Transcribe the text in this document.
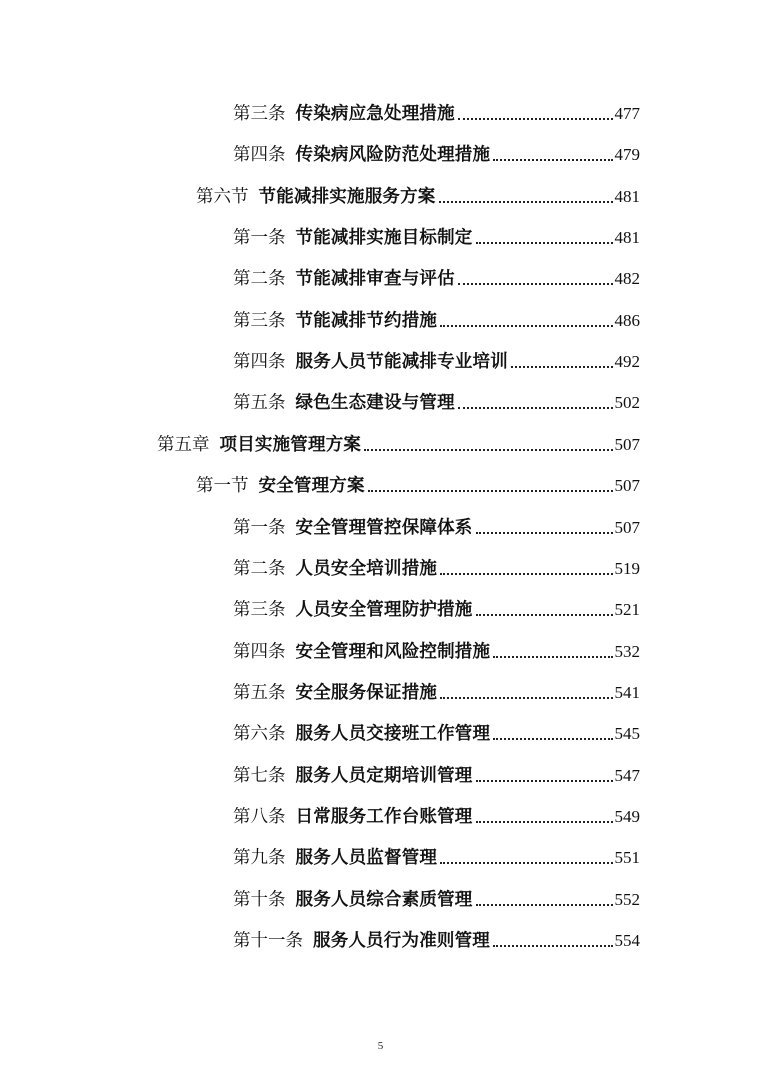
第三条 传染病应急处理措施	477
第四条 传染病风险防范处理措施	479
第六节 节能减排实施服务方案	481
第一条 节能减排实施目标制定	481
第二条 节能减排审查与评估	482
第三条 节能减排节约措施	486
第四条 服务人员节能减排专业培训	492
第五条 绿色生态建设与管理	502
第五章 项目实施管理方案	507
第一节 安全管理方案	507
第一条 安全管理管控保障体系	507
第二条 人员安全培训措施	519
第三条 人员安全管理防护措施	521
第四条 安全管理和风险控制措施	532
第五条 安全服务保证措施	541
第六条 服务人员交接班工作管理	545
第七条 服务人员定期培训管理	547
第八条 日常服务工作台账管理	549
第九条 服务人员监督管理	551
第十条 服务人员综合素质管理	552
第十一条 服务人员行为准则管理	554
5
